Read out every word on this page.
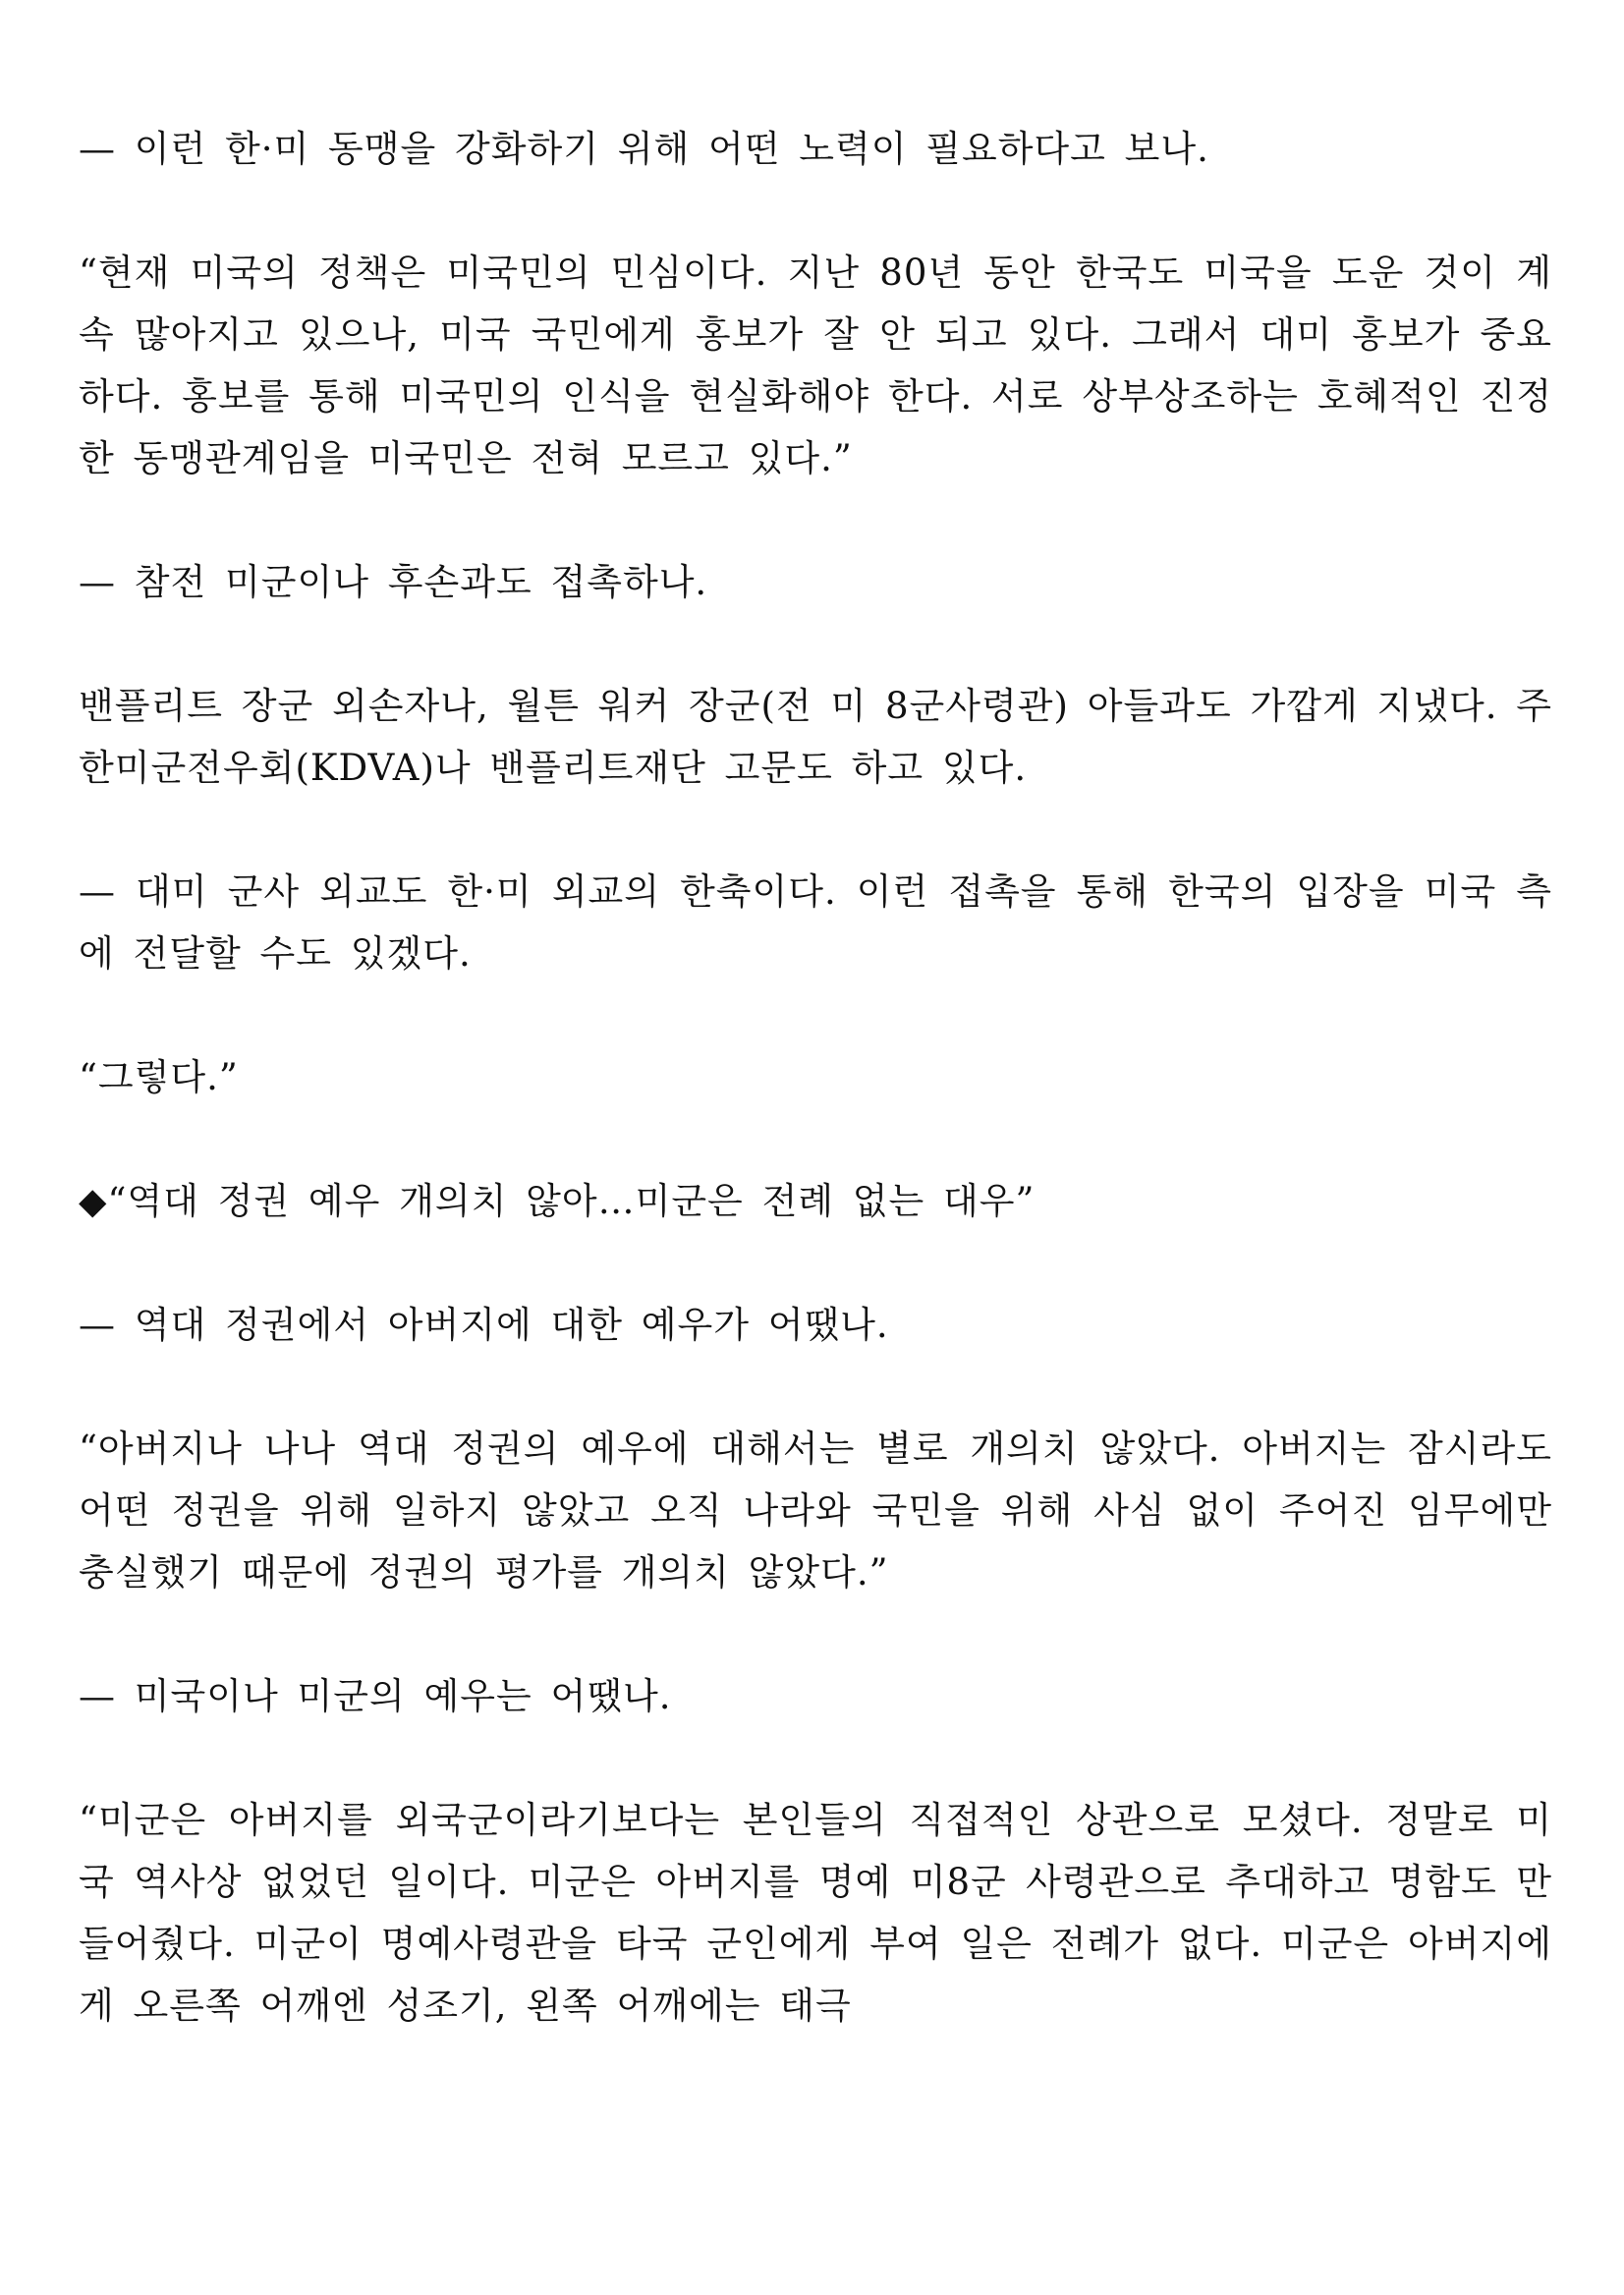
— 이런 한·미 동맹을 강화하기 위해 어떤 노력이 필요하다고 보나.

“현재 미국의 정책은 미국민의 민심이다. 지난 80년 동안 한국도 미국을 도운 것이 계속 많아지고 있으나, 미국 국민에게 홍보가 잘 안 되고 있다. 그래서 대미 홍보가 중요하다. 홍보를 통해 미국민의 인식을 현실화해야 한다. 서로 상부상조하는 호혜적인 진정한 동맹관계임을 미국민은 전혀 모르고 있다.”

— 참전 미군이나 후손과도 접촉하나.

밴플리트 장군 외손자나, 월튼 워커 장군(전 미 8군사령관) 아들과도 가깝게 지냈다. 주한미군전우회(KDVA)나 밴플리트재단 고문도 하고 있다.

— 대미 군사 외교도 한·미 외교의 한축이다. 이런 접촉을 통해 한국의 입장을 미국 측에 전달할 수도 있겠다.

“그렇다.”

◆“역대 정권 예우 개의치 않아…미군은 전례 없는 대우”

— 역대 정권에서 아버지에 대한 예우가 어땠나.

“아버지나 나나 역대 정권의 예우에 대해서는 별로 개의치 않았다. 아버지는 잠시라도 어떤 정권을 위해 일하지 않았고 오직 나라와 국민을 위해 사심 없이 주어진 임무에만 충실했기 때문에 정권의 평가를 개의치 않았다.”

— 미국이나 미군의 예우는 어땠나.

“미군은 아버지를 외국군이라기보다는 본인들의 직접적인 상관으로 모셨다. 정말로 미국 역사상 없었던 일이다. 미군은 아버지를 명예 미8군 사령관으로 추대하고 명함도 만들어줬다. 미군이 명예사령관을 타국 군인에게 부여 일은 전례가 없다. 미군은 아버지에게 오른쪽 어깨엔 성조기, 왼쪽 어깨에는 태극
